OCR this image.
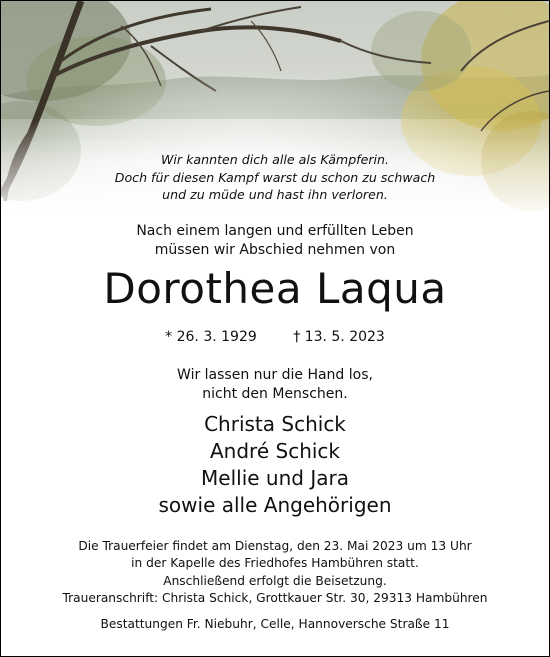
Wir kannten dich alle als Kämpferin.
Doch für diesen Kampf warst du schon zu schwach
und zu müde und hast ihn verloren.
Nach einem langen und erfüllten Leben
müssen wir Abschied nehmen von
Dorothea Laqua
* 26. 3. 1929	† 13. 5. 2023
Wir lassen nur die Hand los,
nicht den Menschen.
Christa Schick
André Schick
Mellie und Jara
sowie alle Angehörigen
Die Trauerfeier findet am Dienstag, den 23. Mai 2023 um 13 Uhr
in der Kapelle des Friedhofes Hambühren statt.
Anschließend erfolgt die Beisetzung.
Traueranschrift: Christa Schick, Grottkauer Str. 30, 29313 Hambühren
Bestattungen Fr. Niebuhr, Celle, Hannoversche Straße 11
